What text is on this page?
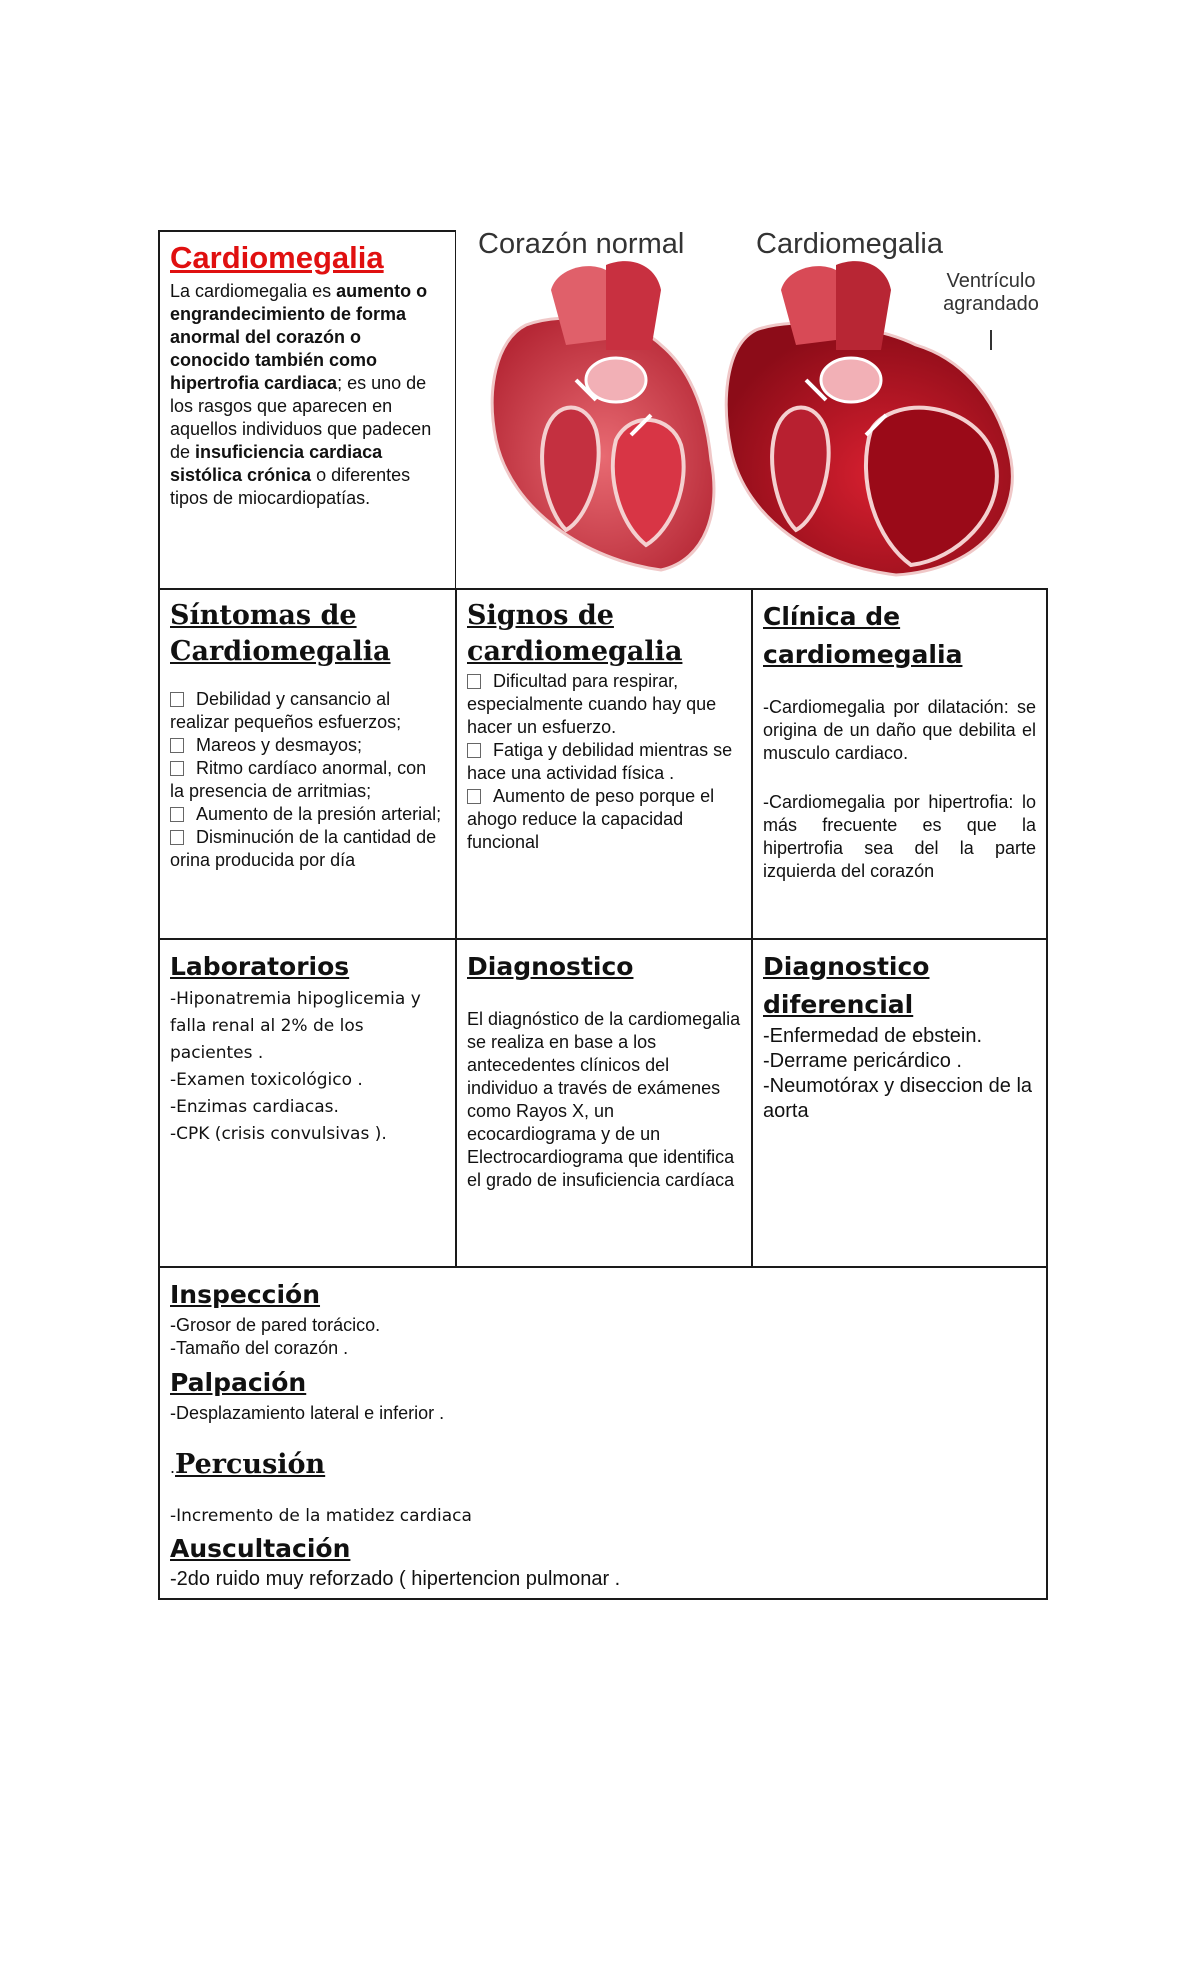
Cardiomegalia

La cardiomegalia es aumento o engrandecimiento de forma anormal del corazón o conocido también como hipertrofia cardiaca; es uno de los rasgos que aparecen en aquellos individuos que padecen de insuficiencia cardiaca sistólica crónica o diferentes tipos de miocardiopatías.

Corazón normal Cardiomegalia
Ventrículo
agrandado

Síntomas de

Cardiomegalia

Debilidad y cansancio al realizar pequeños esfuerzos;

Mareos y desmayos;

Ritmo cardíaco anormal, con la presencia de arritmias;

Aumento de la presión arterial;

Disminución de la cantidad de orina producida por día

Signos de

cardiomegalia

Dificultad para respirar, especialmente cuando hay que hacer un esfuerzo.

Fatiga y debilidad mientras se hace una actividad física .

Aumento de peso porque el ahogo reduce la capacidad funcional

Clínica de

cardiomegalia

-Cardiomegalia por dilatación: se origina de un daño que debilita el musculo cardiaco.

-Cardiomegalia por hipertrofia: lo más frecuente es que la hipertrofia sea del la parte izquierda del corazón

Laboratorios

-Hiponatremia hipoglicemia y

falla renal al 2% de los

pacientes .

-Examen toxicológico .

-Enzimas cardiacas.

-CPK (crisis convulsivas ).

Diagnostico

El diagnóstico de la cardiomegalia se realiza en base a los antecedentes clínicos del individuo a través de exámenes como Rayos X, un ecocardiograma y de un Electrocardiograma que identifica el grado de insuficiencia cardíaca

Diagnostico

diferencial

-Enfermedad de ebstein.

-Derrame pericárdico .

-Neumotórax y diseccion de la

aorta

Inspección

-Grosor de pared torácico.

-Tamaño del corazón .

Palpación

-Desplazamiento lateral e inferior .

.Percusión

-Incremento de la matidez cardiaca

Auscultación

-2do ruido muy reforzado ( hipertencion pulmonar .
